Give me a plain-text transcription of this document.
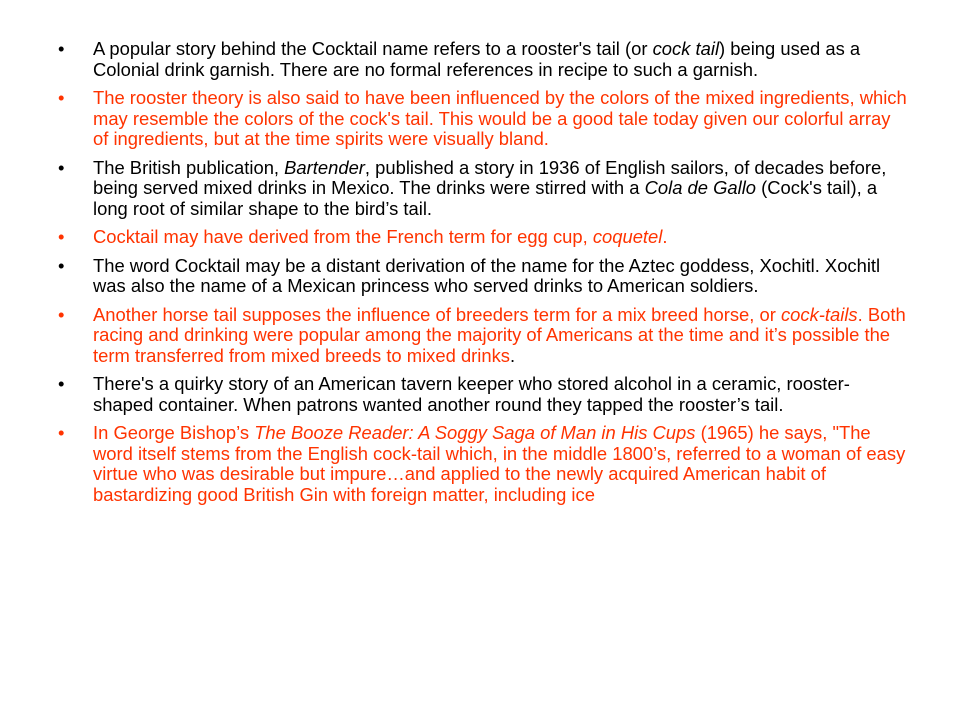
•	A popular story behind the Cocktail name refers to a rooster's tail (or cock tail) being used as a Colonial drink garnish. There are no formal references in recipe to such a garnish.
•	The rooster theory is also said to have been influenced by the colors of the mixed ingredients, which may resemble the colors of the cock's tail. This would be a good tale today given our colorful array of ingredients, but at the time spirits were visually bland.
•	The British publication, Bartender, published a story in 1936 of English sailors, of decades before, being served mixed drinks in Mexico. The drinks were stirred with a Cola de Gallo (Cock's tail), a long root of similar shape to the bird’s tail.
•	Cocktail may have derived from the French term for egg cup, coquetel.
•	The word Cocktail may be a distant derivation of the name for the Aztec goddess, Xochitl. Xochitl was also the name of a Mexican princess who served drinks to American soldiers.
•	Another horse tail supposes the influence of breeders term for a mix breed horse, or cock-tails. Both racing and drinking were popular among the majority of Americans at the time and it’s possible the term transferred from mixed breeds to mixed drinks.
•	There's a quirky story of an American tavern keeper who stored alcohol in a ceramic, rooster-shaped container. When patrons wanted another round they tapped the rooster’s tail.
•	In George Bishop’s The Booze Reader: A Soggy Saga of Man in His Cups (1965) he says, "The word itself stems from the English cock-tail which, in the middle 1800’s, referred to a woman of easy virtue who was desirable but impure…and applied to the newly acquired American habit of bastardizing good British Gin with foreign matter, including ice
